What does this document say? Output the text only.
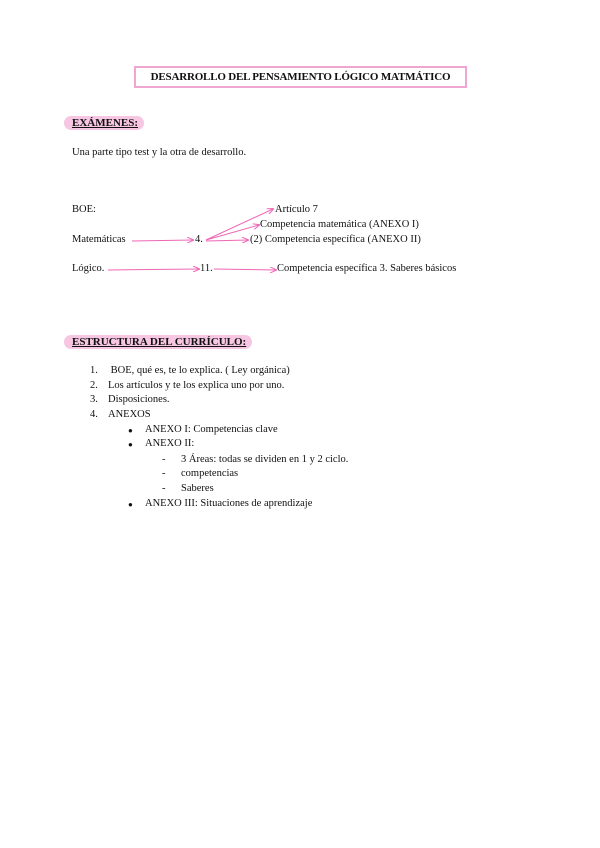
DESARROLLO DEL PENSAMIENTO LÓGICO MATMÁTICO
EXÁMENES:
Una parte tipo test y la otra de desarrollo.
BOE:	Artículo 7
Competencia matemática (ANEXO I)
Matemáticas	4.	(2) Competencia específica (ANEXO II)
Lógico.	11.	Competencia específica 3. Saberes básicos
ESTRUCTURA DEL CURRÍCULO:
1. BOE, qué es, te lo explica. ( Ley orgánica)
2. Los artículos y te los explica uno por uno.
3. Disposiciones.
4. ANEXOS
● ANEXO I: Competencias clave
● ANEXO II:
- 3 Áreas: todas se dividen en 1 y 2 ciclo.
- competencias
- Saberes
● ANEXO III: Situaciones de aprendizaje
